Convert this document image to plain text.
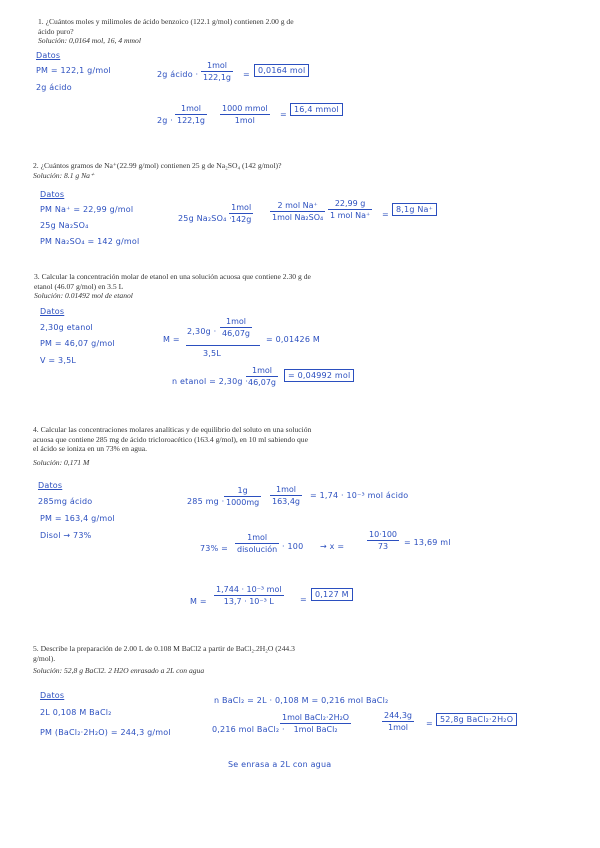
1. ¿Cuántos moles y milimoles de ácido benzoico (122.1 g/mol) contienen 2.00 g de ácido puro?
Solución: 0,0164 mol, 16, 4 mmol
Datos
PM = 122,1 g/mol
2g ácido
2g ácido ·
1mol
122,1g =	0,0164 mol
2g ·
1mol
122,1g
1000 mmol
1mol
=
16,4 mmol
2. ¿Cuántos gramos de Na⁺(22.99 g/mol) contienen 25 g de Na₂SO₄ (142 g/mol)?
Solución: 8.1 g Na⁺
Datos
PM Na⁺ = 22,99 g/mol
25g Na₂SO₄
PM Na₂SO₄ = 142 g/mol
25g Na₂SO₄ ·
1mol
142g
2 mol Na⁺
1mol Na₂SO₄
22,99 g
1 mol Na⁺ =
8,1g Na⁺
3. Calcular la concentración molar de etanol en una solución acuosa que contiene 2.30 g de etanol (46.07 g/mol) en 3.5 L
Solución: 0.01492 mol de etanol
Datos
2,30g etanol
PM = 46,07 g/mol
V = 3,5L
M =
2,30g ·
1mol
46,07g
3,5L
= 0,01426 M
n etanol = 2,30g ·
1mol
46,07g
= 0,04992 mol
4. Calcular las concentraciones molares analíticas y de equilibrio del soluto en una solución acuosa que contiene 285 mg de ácido tricloroacético (163.4 g/mol), en 10 ml sabiendo que el ácido se ioniza en un 73% en agua.
Solución: 0,171 M
Datos
285mg ácido
PM = 163,4 g/mol
Disol → 73%
285 mg ·
1g
1000mg
1mol
163,4g
= 1,74 · 10⁻³ mol ácido
73% =
1mol
disolución · 100 → x =
10·100
73 = 13,69 ml
M =
1,744 · 10⁻³ mol
13,7 · 10⁻³ L	=
0,127 M
5. Describe la preparación de 2.00 L de 0.108 M BaCl2 a partir de BaCl₂.2H₂O (244.3 g/mol).
Solución: 52,8 g BaCl2. 2 H2O enrasado a 2L con agua
Datos
2L 0,108 M BaCl₂
PM (BaCl₂·2H₂O) = 244,3 g/mol
n BaCl₂ = 2L · 0,108 M = 0,216 mol BaCl₂
0,216 mol BaCl₂ ·
1mol BaCl₂·2H₂O
1mol BaCl₂
244,3g
1mol = 52,8g BaCl₂·2H₂O
Se enrasa a 2L con agua
